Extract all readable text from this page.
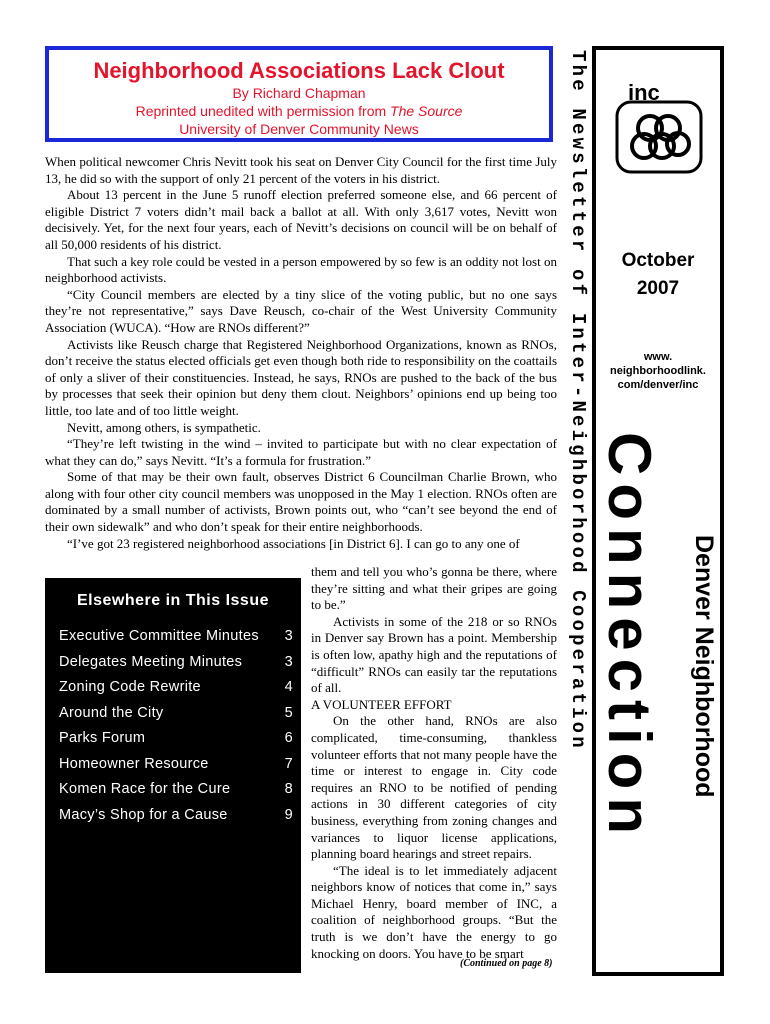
Neighborhood Associations Lack Clout
By Richard Chapman
Reprinted unedited with permission from The Source
University of Denver Community News

When political newcomer Chris Nevitt took his seat on Denver City Council for the first time July 13, he did so with the support of only 21 percent of the voters in his district.

About 13 percent in the June 5 runoff election preferred someone else, and 66 percent of eligible District 7 voters didn’t mail back a ballot at all. With only 3,617 votes, Nevitt won decisively. Yet, for the next four years, each of Nevitt’s decisions on council will be on behalf of all 50,000 residents of his district.

That such a key role could be vested in a person empowered by so few is an oddity not lost on neighborhood activists.

“City Council members are elected by a tiny slice of the voting public, but no one says they’re not representative,” says Dave Reusch, co-chair of the West University Community Association (WUCA). “How are RNOs different?”

Activists like Reusch charge that Registered Neighborhood Organizations, known as RNOs, don’t receive the status elected officials get even though both ride to responsibility on the coattails of only a sliver of their constituencies. Instead, he says, RNOs are pushed to the back of the bus by processes that seek their opinion but deny them clout. Neighbors’ opinions end up being too little, too late and of too little weight.

Nevitt, among others, is sympathetic.

“They’re left twisting in the wind – invited to participate but with no clear expectation of what they can do,” says Nevitt. “It’s a formula for frustration.”

Some of that may be their own fault, observes District 6 Councilman Charlie Brown, who along with four other city council members was unopposed in the May 1 election. RNOs often are dominated by a small number of activists, Brown points out, who “can’t see beyond the end of their own sidewalk” and who don’t speak for their entire neighborhoods.

“I’ve got 23 registered neighborhood associations [in District 6]. I can go to any one of

them and tell you who’s gonna be there, where they’re sitting and what their gripes are going to be.”

Activists in some of the 218 or so RNOs in Denver say Brown has a point. Membership is often low, apathy high and the reputations of “difficult” RNOs can easily tar the reputations of all.

A VOLUNTEER EFFORT

On the other hand, RNOs are also complicated, time-consuming, thankless volunteer efforts that not many people have the time or interest to engage in. City code requires an RNO to be notified of pending actions in 30 different categories of city business, everything from zoning changes and variances to liquor license applications, planning board hearings and street repairs.

“The ideal is to let immediately adjacent neighbors know of notices that come in,” says Michael Henry, board member of INC, a coalition of neighborhood groups. “But the truth is we don’t have the energy to go knocking on doors. You have to be smart

(Continued on page 8)
Elsewhere in This Issue
Executive Committee Minutes 3
Delegates Meeting Minutes	3
Zoning Code Rewrite	4
Around the City	5
Parks Forum	6
Homeowner Resource	7
Komen Race for the Cure	8
Macy’s Shop for a Cause	9
The Newsletter of Inter-Neighborhood Cooperation inc
October
2007
www.
neighborhoodlink.
com/denver/inc
Connection Denver Neighborhood
